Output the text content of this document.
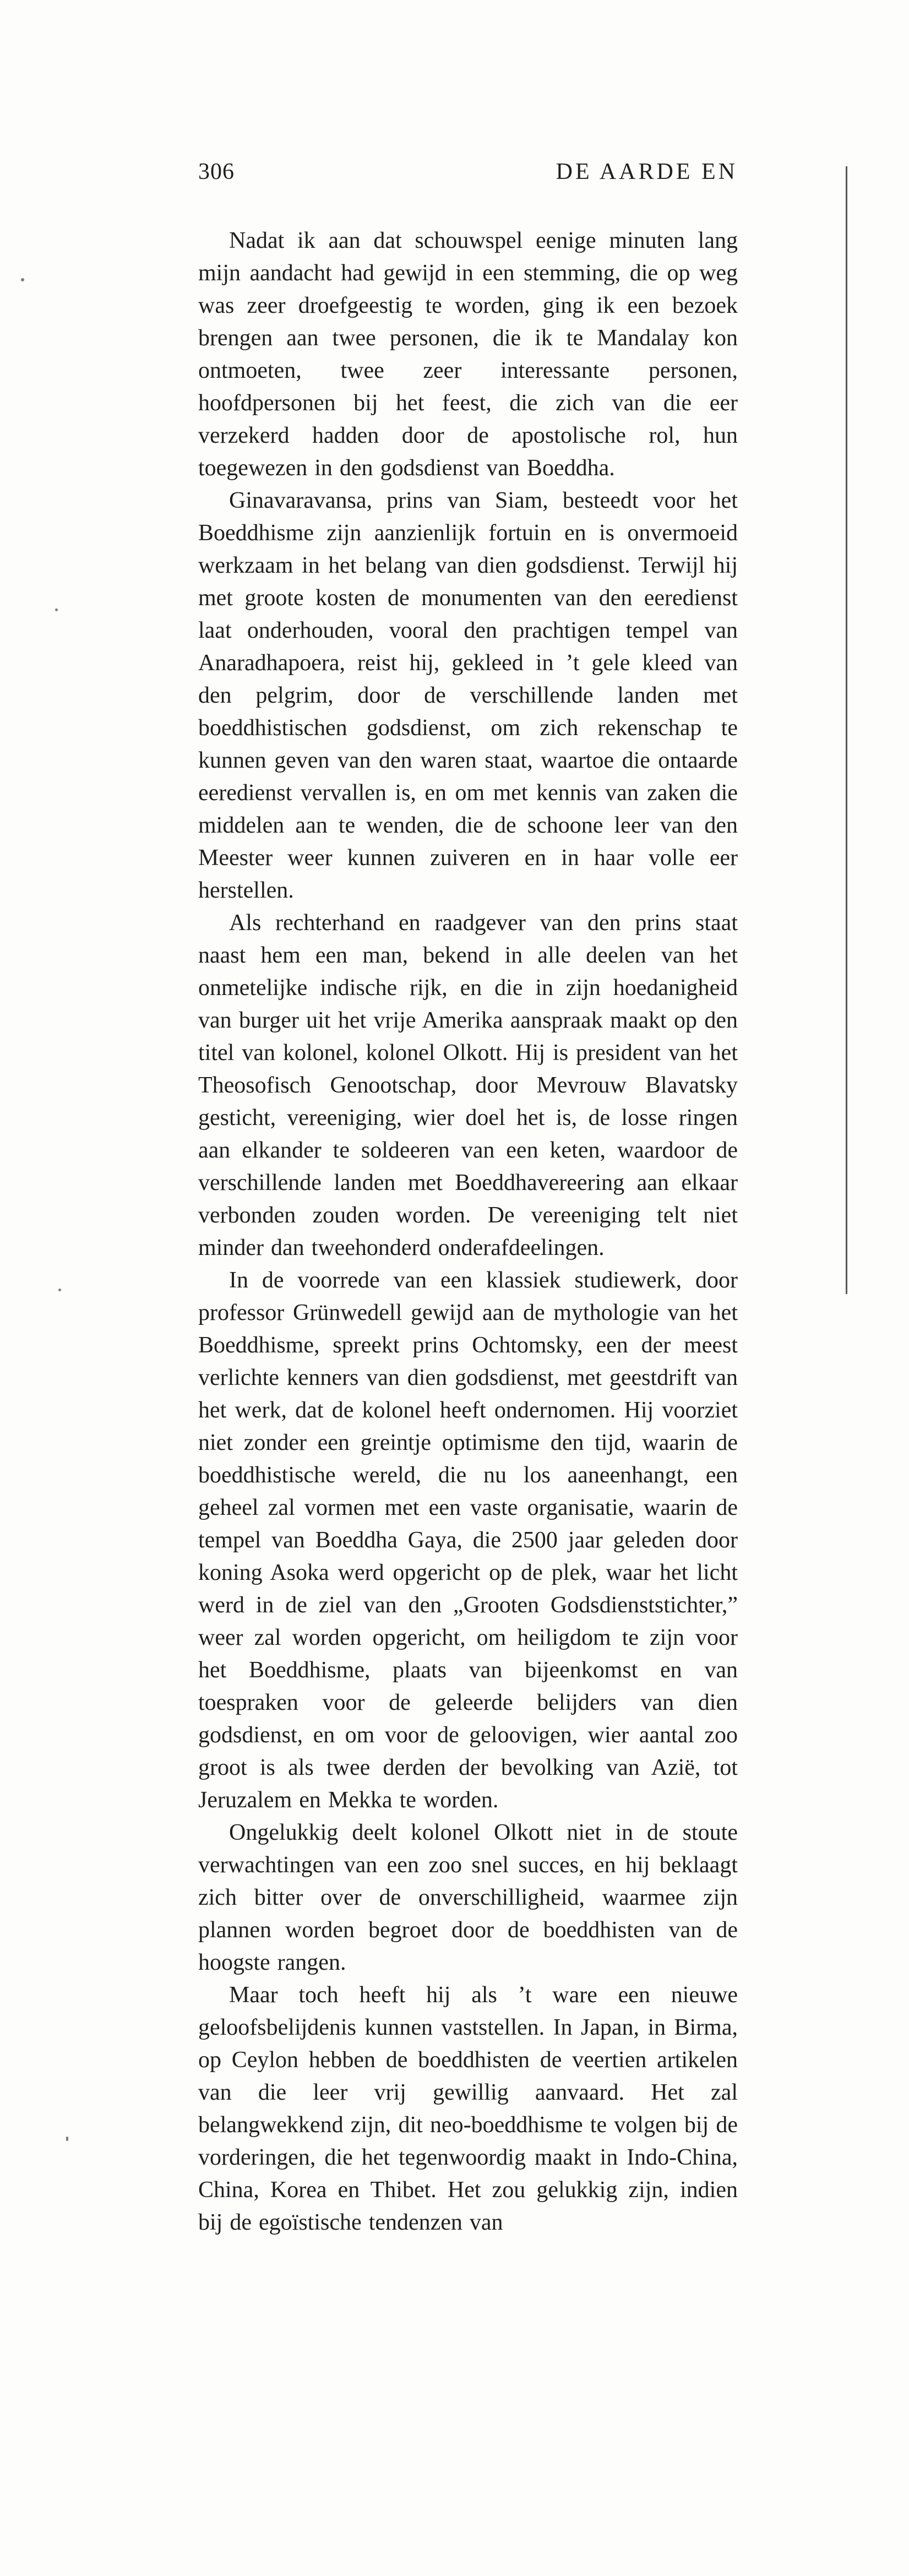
306	DE AARDE EN

Nadat ik aan dat schouwspel eenige minuten lang mijn aandacht had gewijd in een stemming, die op weg was zeer droefgeestig te worden, ging ik een bezoek brengen aan twee personen, die ik te Mandalay kon ontmoeten, twee zeer interessante personen, hoofdpersonen bij het feest, die zich van die eer verzekerd hadden door de apostolische rol, hun toegewezen in den godsdienst van Boeddha.

Ginavaravansa, prins van Siam, besteedt voor het Boeddhisme zijn aanzienlijk fortuin en is onvermoeid werkzaam in het belang van dien godsdienst. Terwijl hij met groote kosten de monumenten van den eeredienst laat onderhouden, vooral den prachtigen tempel van Anaradhapoera, reist hij, gekleed in ’t gele kleed van den pelgrim, door de verschillende landen met boeddhistischen godsdienst, om zich rekenschap te kunnen geven van den waren staat, waartoe die ontaarde eeredienst vervallen is, en om met kennis van zaken die middelen aan te wenden, die de schoone leer van den Meester weer kunnen zuiveren en in haar volle eer herstellen.

Als rechterhand en raadgever van den prins staat naast hem een man, bekend in alle deelen van het onmetelijke indische rijk, en die in zijn hoedanigheid van burger uit het vrije Amerika aanspraak maakt op den titel van kolonel, kolonel Olkott. Hij is president van het Theosofisch Genootschap, door Mevrouw Blavatsky gesticht, vereeniging, wier doel het is, de losse ringen aan elkander te soldeeren van een keten, waardoor de verschillende landen met Boeddhavereering aan elkaar verbonden zouden worden. De vereeniging telt niet minder dan tweehonderd onderafdeelingen.

In de voorrede van een klassiek studiewerk, door professor Grünwedell gewijd aan de mythologie van het Boeddhisme, spreekt prins Ochtomsky, een der meest verlichte kenners van dien godsdienst, met geestdrift van het werk, dat de kolonel heeft ondernomen. Hij voorziet niet zonder een greintje optimisme den tijd, waarin de boeddhistische wereld, die nu los aaneenhangt, een geheel zal vormen met een vaste organisatie, waarin de tempel van Boeddha Gaya, die 2500 jaar geleden door koning Asoka werd opgericht op de plek, waar het licht werd in de ziel van den „Grooten Godsdienststichter,” weer zal worden opgericht, om heiligdom te zijn voor het Boeddhisme, plaats van bijeenkomst en van toespraken voor de geleerde belijders van dien godsdienst, en om voor de geloovigen, wier aantal zoo groot is als twee derden der bevolking van Azië, tot Jeruzalem en Mekka te worden.

Ongelukkig deelt kolonel Olkott niet in de stoute verwachtingen van een zoo snel succes, en hij beklaagt zich bitter over de onverschilligheid, waarmee zijn plannen worden begroet door de boeddhisten van de hoogste rangen.

Maar toch heeft hij als ’t ware een nieuwe geloofsbelijdenis kunnen vaststellen. In Japan, in Birma, op Ceylon hebben de boeddhisten de veertien artikelen van die leer vrij gewillig aanvaard. Het zal belangwekkend zijn, dit neo-boeddhisme te volgen bij de vorderingen, die het tegenwoordig maakt in Indo-China, China, Korea en Thibet. Het zou gelukkig zijn, indien bij de egoïstische tendenzen van
